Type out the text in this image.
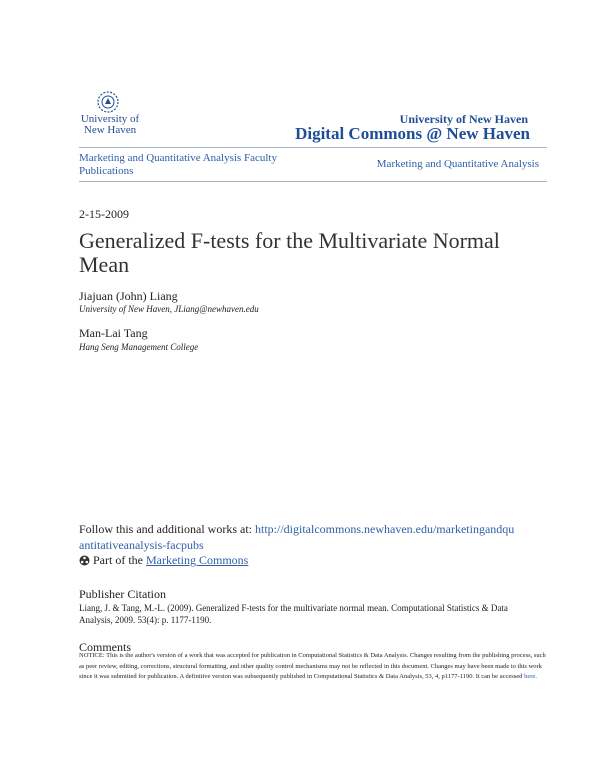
University of
New Haven
University of New Haven
Digital Commons @ New Haven
Marketing and Quantitative Analysis Faculty Publications
Marketing and Quantitative Analysis
2-15-2009
Generalized F-tests for the Multivariate Normal Mean
Jiajuan (John) Liang
University of New Haven, JLiang@newhaven.edu
Man-Lai Tang
Hang Seng Management College
Follow this and additional works at: http://digitalcommons.newhaven.edu/marketingandquantitativeanalysis-facpubs
Part of the
Marketing Commons
Publisher Citation
Liang, J. & Tang, M.-L. (2009). Generalized F-tests for the multivariate normal mean. Computational Statistics & Data Analysis, 2009. 53(4): p. 1177-1190.
Comments
NOTICE: This is the author's version of a work that was accepted for publication in Computational Statistics & Data Analysis. Changes resulting from the publishing process, such as peer review, editing, corrections, structural formatting, and other quality control mechanisms may not be reflected in this document. Changes may have been made to this work since it was submitted for publication. A definitive version was subsequently published in Computational Statistics & Data Analysis, 53, 4, p1177-1190. It can be accessed here.
